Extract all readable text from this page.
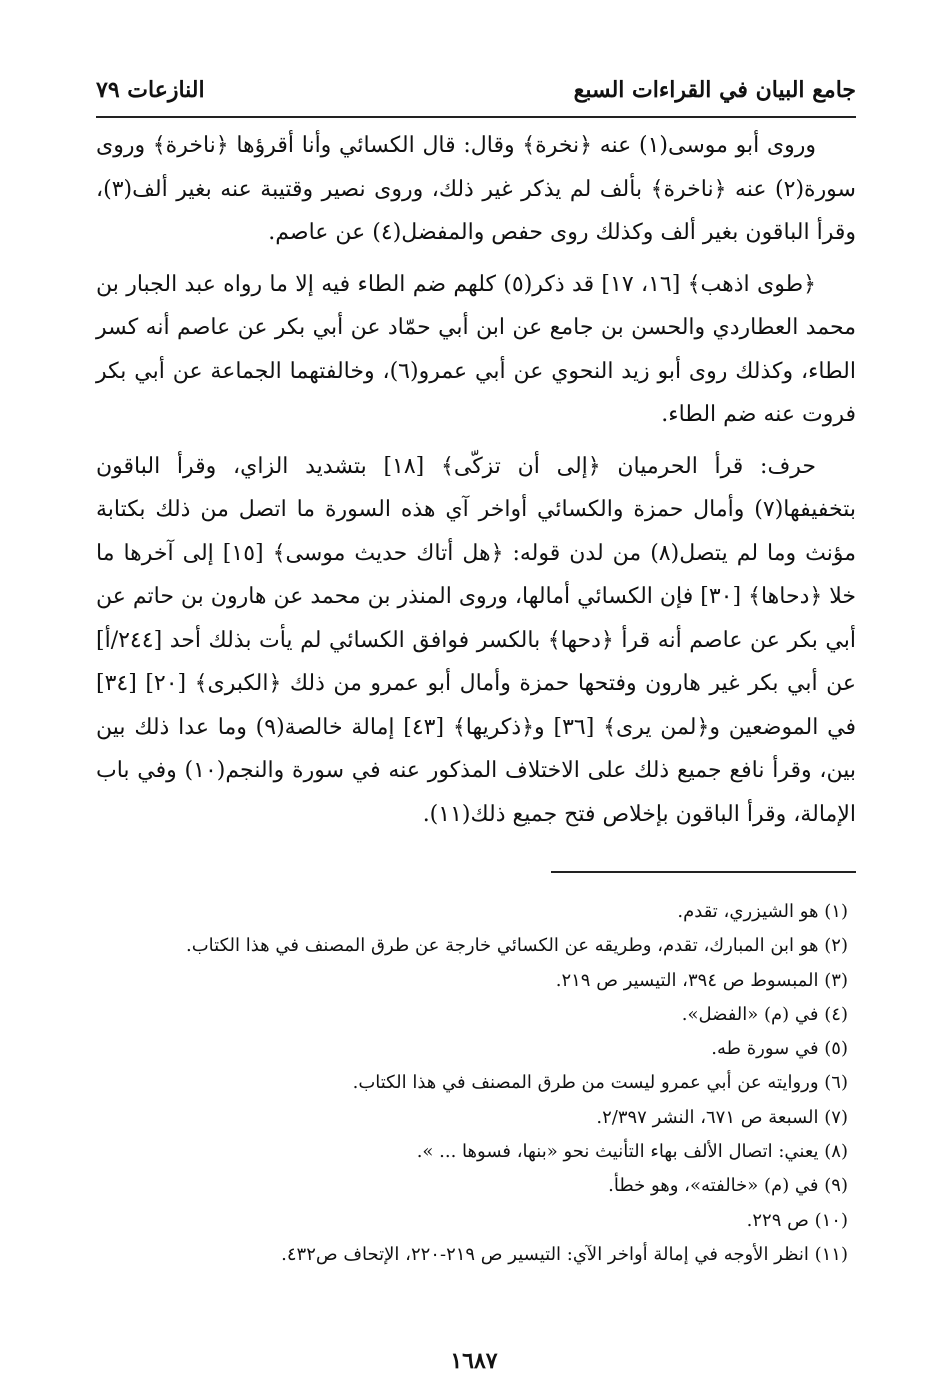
جامع البيان في القراءات السبع
النازعات ٧٩

وروى أبو موسى(١) عنه ﴿نخرة﴾ وقال: قال الكسائي وأنا أقرؤها ﴿ناخرة﴾ وروى سورة(٢) عنه ﴿ناخرة﴾ بألف لم يذكر غير ذلك، وروى نصير وقتيبة عنه بغير ألف(٣)، وقرأ الباقون بغير ألف وكذلك روى حفص والمفضل(٤) عن عاصم.

﴿طوى اذهب﴾ [١٦، ١٧] قد ذكر(٥) كلهم ضم الطاء فيه إلا ما رواه عبد الجبار بن محمد العطاردي والحسن بن جامع عن ابن أبي حمّاد عن أبي بكر عن عاصم أنه كسر الطاء، وكذلك روى أبو زيد النحوي عن أبي عمرو(٦)، وخالفتهما الجماعة عن أبي بكر فروت عنه ضم الطاء.

حرف: قرأ الحرميان ﴿إلى أن تزكّى﴾ [١٨] بتشديد الزاي، وقرأ الباقون بتخفيفها(٧) وأمال حمزة والكسائي أواخر آي هذه السورة ما اتصل من ذلك بكتابة مؤنث وما لم يتصل(٨) من لدن قوله: ﴿هل أتاك حديث موسى﴾ [١٥] إلى آخرها ما خلا ﴿دحاها﴾ [٣٠] فإن الكسائي أمالها، وروى المنذر بن محمد عن هارون بن حاتم عن أبي بكر عن عاصم أنه قرأ ﴿دحها﴾ بالكسر فوافق الكسائي لم يأت بذلك أحد [٢٤٤/أ] عن أبي بكر غير هارون وفتحها حمزة وأمال أبو عمرو من ذلك ﴿الكبرى﴾ [٢٠] [٣٤] في الموضعين و﴿لمن يرى﴾ [٣٦] و﴿ذكريها﴾ [٤٣] إمالة خالصة(٩) وما عدا ذلك بين بين، وقرأ نافع جميع ذلك على الاختلاف المذكور عنه في سورة والنجم(١٠) وفي باب الإمالة، وقرأ الباقون بإخلاص فتح جميع ذلك(١١).

(١) هو الشيزري، تقدم.
(٢) هو ابن المبارك، تقدم، وطريقه عن الكسائي خارجة عن طرق المصنف في هذا الكتاب.
(٣) المبسوط ص ٣٩٤، التيسير ص ٢١٩.
(٤) في (م) «الفضل».
(٥) في سورة طه.
(٦) وروايته عن أبي عمرو ليست من طرق المصنف في هذا الكتاب.
(٧) السبعة ص ٦٧١، النشر ٢/٣٩٧.
(٨) يعني: اتصال الألف بهاء التأنيث نحو «بنها، فسوها ... ».
(٩) في (م) «خالفته»، وهو خطأ.
(١٠) ص ٢٢٩.
(١١) انظر الأوجه في إمالة أواخر الآي: التيسير ص ٢١٩-٢٢٠، الإتحاف ص٤٣٢.
١٦٨٧
